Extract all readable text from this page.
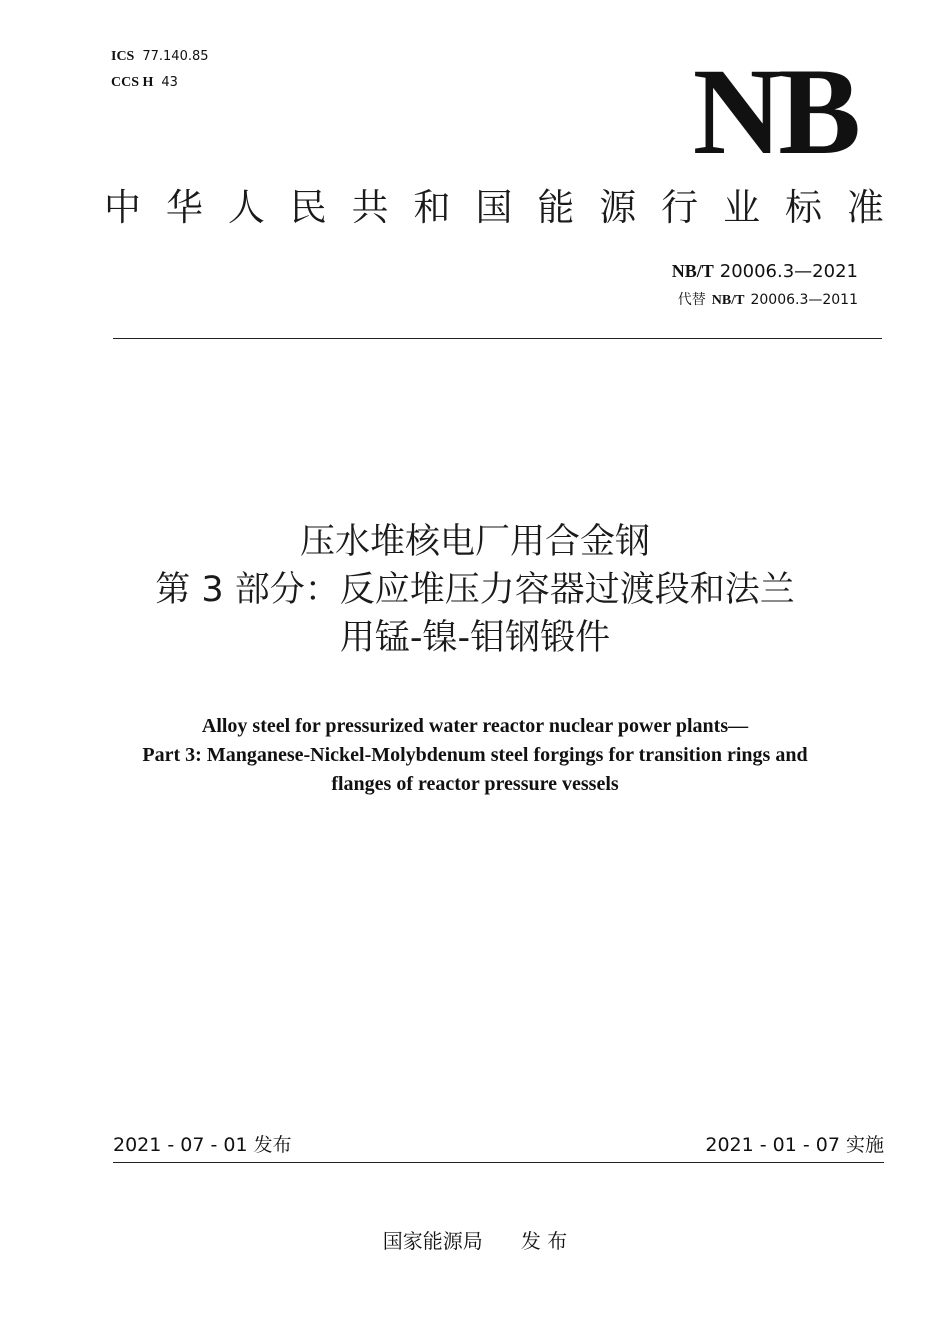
ICS 77.140.85
CCS H 43	NB
中 华 人 民 共 和 国 能 源 行 业 标 准
NB/T 20006.3—2021
代替 NB/T 20006.3—2011
压水堆核电厂用合金钢
第 3 部分：反应堆压力容器过渡段和法兰
用锰-镍-钼钢锻件
Alloy steel for pressurized water reactor nuclear power plants—
Part 3: Manganese-Nickel-Molybdenum steel forgings for transition rings and
flanges of reactor pressure vessels
2021 - 07 - 01 发布	2021 - 01 - 07 实施
国家能源局      发 布
